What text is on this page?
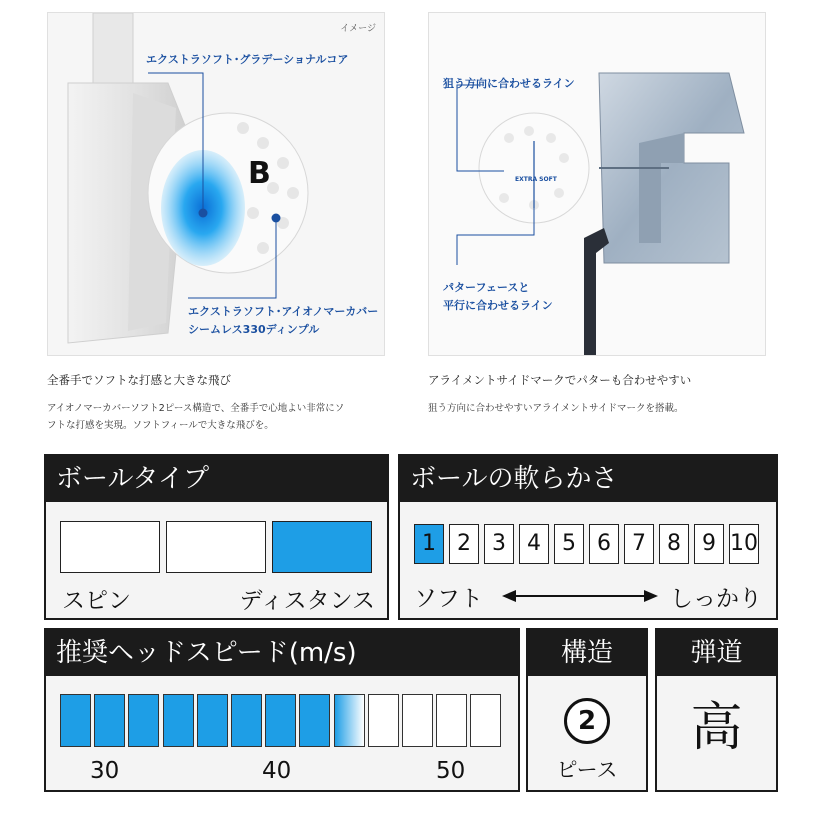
B
イメージ
エクストラソフト･グラデーショナルコア
エクストラソフト･アイオノマーカバー
シームレス330ディンプル
EXTRA SOFT
狙う方向に合わせるライン
パターフェースと
平行に合わせるライン
全番手でソフトな打感と大きな飛び
アイオノマーカバーソフト2ピース構造で、全番手で心地よい非常にソ
フトな打感を実現。ソフトフィールで大きな飛びを。
アライメントサイドマークでパターも合わせやすい
狙う方向に合わせやすいアライメントサイドマークを搭載。
ボールタイプ
スピン	ディスタンス
ボールの軟らかさ
1 2 3 4 5 6 7 8 9 10
ソフト	しっかり
推奨ヘッドスピード(m/s)
30	40	50
構造
2
ピース
弾道
高
